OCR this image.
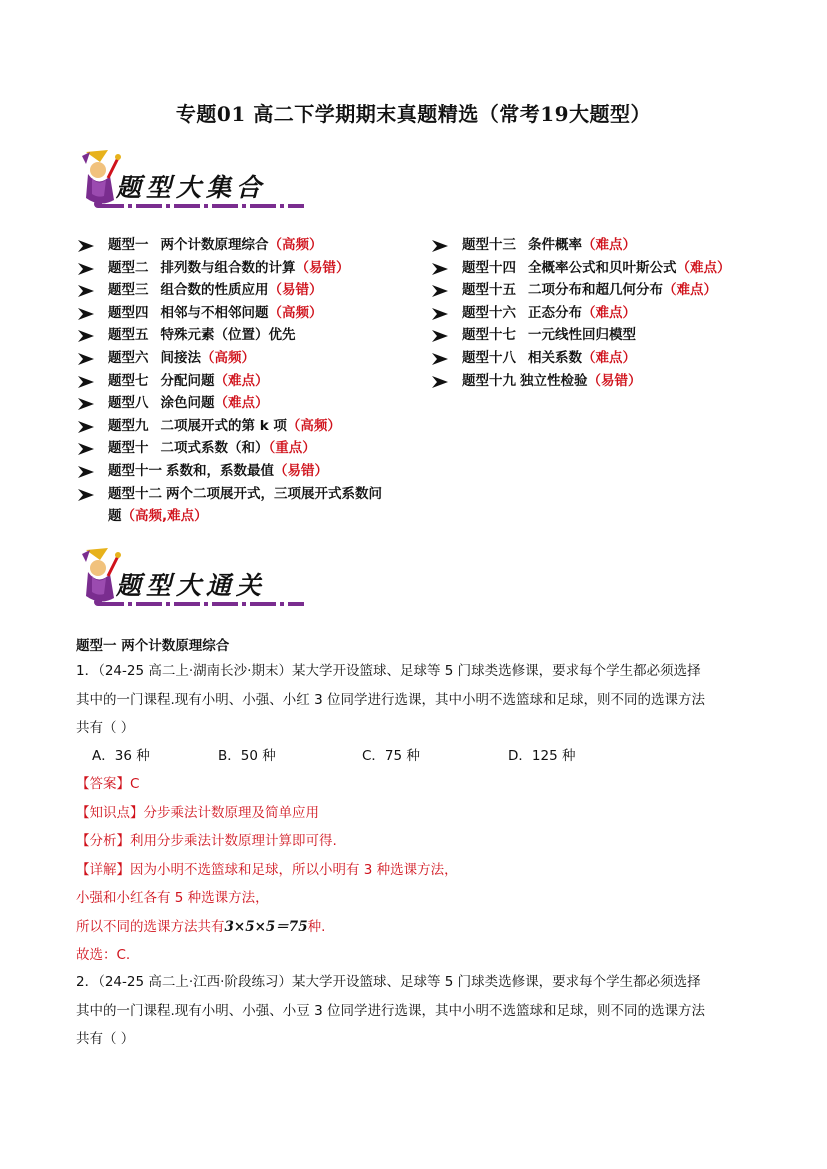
专题01 高二下学期期末真题精选（常考19大题型）
题型大集合
题型一 两个计数原理综合（高频）
题型二 排列数与组合数的计算（易错）
题型三 组合数的性质应用（易错）
题型四 相邻与不相邻问题（高频）
题型五 特殊元素（位置）优先
题型六 间接法（高频）
题型七 分配问题（难点）
题型八 涂色问题（难点）
题型九 二项展开式的第 k 项（高频）
题型十 二项式系数（和）（重点）
题型十一 系数和，系数最值（易错）
题型十二 两个二项展开式，三项展开式系数问题（高频,难点）
题型十三 条件概率（难点）
题型十四 全概率公式和贝叶斯公式（难点）
题型十五 二项分布和超几何分布（难点）
题型十六 正态分布（难点）
题型十七 一元线性回归模型
题型十八 相关系数（难点）
题型十九 独立性检验（易错）
题型大通关
题型一 两个计数原理综合
1．（24-25 高二上·湖南长沙·期末）某大学开设篮球、足球等 5 门球类选修课，要求每个学生都必须选择
其中的一门课程.现有小明、小强、小红 3 位同学进行选课，其中小明不选篮球和足球，则不同的选课方法
共有（ ）
A．36 种	B．50 种	C．75 种	D．125 种
【答案】C
【知识点】分步乘法计数原理及简单应用
【分析】利用分步乘法计数原理计算即可得.
【详解】因为小明不选篮球和足球，所以小明有 3 种选课方法，
小强和小红各有 5 种选课方法，
所以不同的选课方法共有3×5×5＝75种.
故选：C.
2．（24-25 高二上·江西·阶段练习）某大学开设篮球、足球等 5 门球类选修课，要求每个学生都必须选择
其中的一门课程.现有小明、小强、小豆 3 位同学进行选课，其中小明不选篮球和足球，则不同的选课方法
共有（ ）
